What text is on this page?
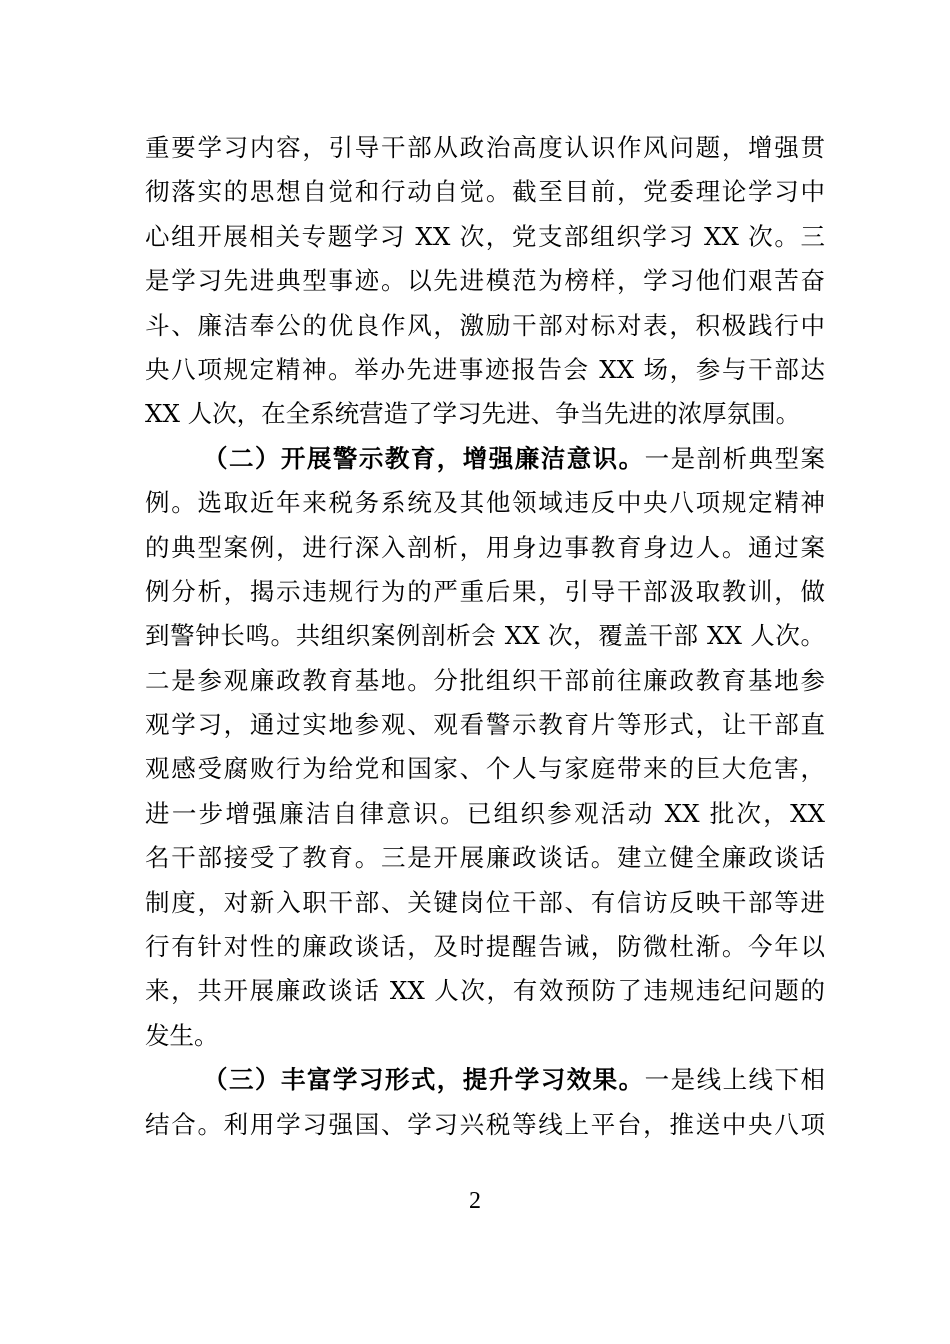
重要学习内容，引导干部从政治高度认识作风问题，增强贯
彻落实的思想自觉和行动自觉。截至目前，党委理论学习中
心组开展相关专题学习 XX 次，党支部组织学习 XX 次。三
是学习先进典型事迹。以先进模范为榜样，学习他们艰苦奋
斗、廉洁奉公的优良作风，激励干部对标对表，积极践行中
央八项规定精神。举办先进事迹报告会 XX 场，参与干部达
XX 人次，在全系统营造了学习先进、争当先进的浓厚氛围。
（二）开展警示教育，增强廉洁意识。一是剖析典型案
例。选取近年来税务系统及其他领域违反中央八项规定精神
的典型案例，进行深入剖析，用身边事教育身边人。通过案
例分析，揭示违规行为的严重后果，引导干部汲取教训，做
到警钟长鸣。共组织案例剖析会 XX 次，覆盖干部 XX 人次。
二是参观廉政教育基地。分批组织干部前往廉政教育基地参
观学习，通过实地参观、观看警示教育片等形式，让干部直
观感受腐败行为给党和国家、个人与家庭带来的巨大危害，
进一步增强廉洁自律意识。已组织参观活动 XX 批次，XX
名干部接受了教育。三是开展廉政谈话。建立健全廉政谈话
制度，对新入职干部、关键岗位干部、有信访反映干部等进
行有针对性的廉政谈话，及时提醒告诫，防微杜渐。今年以
来，共开展廉政谈话 XX 人次，有效预防了违规违纪问题的
发生。
（三）丰富学习形式，提升学习效果。一是线上线下相
结合。利用学习强国、学习兴税等线上平台，推送中央八项
2
